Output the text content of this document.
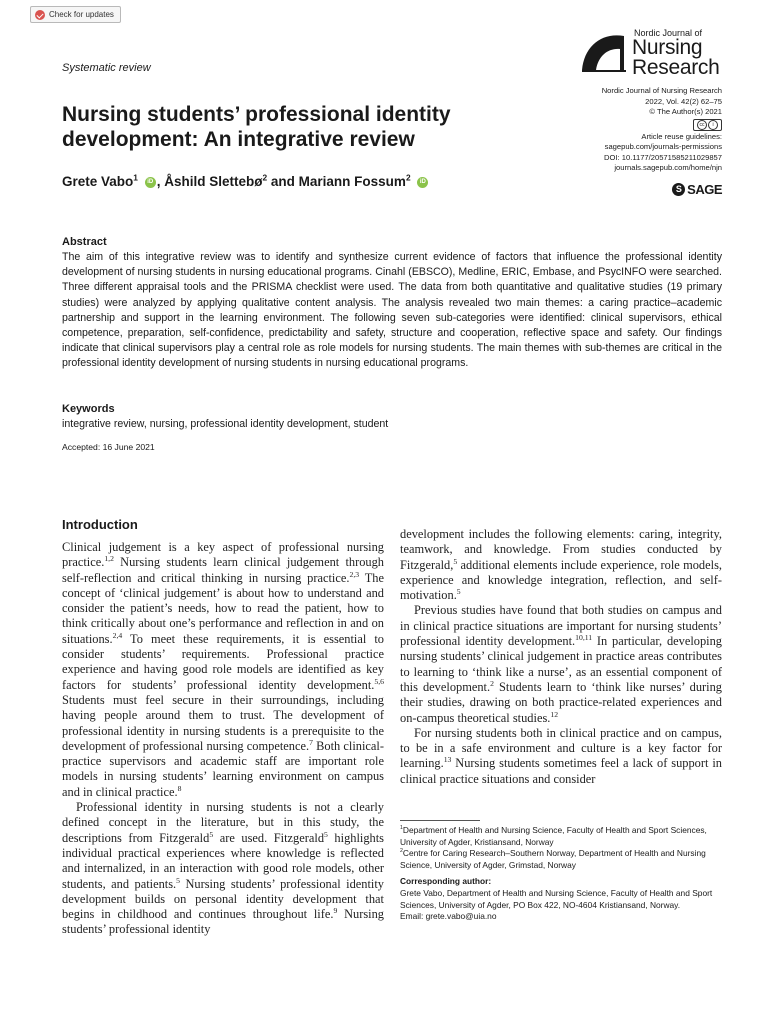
Check for updates
Systematic review
Nordic Journal of
Nursing
Research
Nordic Journal of Nursing Research
2022, Vol. 42(2) 62–75
© The Author(s) 2021
cc	i
Article reuse guidelines:
sagepub.com/journals-permissions
DOI: 10.1177/20571585211029857
journals.sagepub.com/home/njn
S SAGE
Nursing students’ professional identity development: An integrative review
Grete Vabo$^1$ iD , Åshild Slettebø$^2$ and Mariann Fossum$^2$ iD
Abstract

The aim of this integrative review was to identify and synthesize current evidence of factors that influence the professional identity development of nursing students in nursing educational programs. Cinahl (EBSCO), Medline, ERIC, Embase, and PsycINFO were searched. Three different appraisal tools and the PRISMA checklist were used. The data from both quantitative and qualitative studies (19 primary studies) were analyzed by applying qualitative content analysis. The analysis revealed two main themes: a caring practice–academic partnership and support in the learning environment. The following seven sub-categories were identified: clinical supervisors, ethical competence, preparation, self-confidence, predictability and safety, structure and cooperation, reflective space and safety. Our findings indicate that clinical supervisors play a central role as role models for nursing students. The main themes with sub-themes are critical in the professional identity development of nursing students in nursing educational programs.

Keywords
integrative review, nursing, professional identity development, student
Accepted: 16 June 2021
Introduction

Clinical judgement is a key aspect of professional nursing practice.$^{1,2}$ Nursing students learn clinical judgement through self-reflection and critical thinking in nursing practice.$^{2,3}$ The concept of ‘clinical judgement’ is about how to understand and consider the patient’s needs, how to read the patient, how to think critically about one’s performance and reflection in and on situations.$^{2,4}$ To meet these requirements, it is essential to consider students’ requirements. Professional practice experience and having good role models are identified as key factors for students’ professional identity development.$^{5,6}$ Students must feel secure in their surroundings, including having people around them to trust. The development of professional identity in nursing students is a prerequisite to the development of professional nursing competence.$^7$ Both clinical-practice supervisors and academic staff are important role models in nursing students’ learning environment on campus and in clinical practice.$^8$

Professional identity in nursing students is not a clearly defined concept in the literature, but in this study, the descriptions from Fitzgerald$^5$ are used. Fitzgerald$^5$ highlights individual practical experiences where knowledge is reflected and internalized, in an interaction with good role models, other students, and patients.$^5$ Nursing students’ professional identity development builds on personal identity development that begins in childhood and continues throughout life.$^9$ Nursing students’ professional identity

development includes the following elements: caring, integrity, teamwork, and knowledge. From studies conducted by Fitzgerald,$^5$ additional elements include experience, role models, experience and knowledge integration, reflection, and self-motivation.$^5$

Previous studies have found that both studies on campus and in clinical practice situations are important for nursing students’ professional identity development.$^{10,11}$ In particular, developing nursing students’ clinical judgement in practice areas contributes to learning to ‘think like a nurse’, as an essential component of this development.$^2$ Students learn to ‘think like nurses’ during their studies, drawing on both practice-related experiences and on-campus theoretical studies.$^{12}$

For nursing students both in clinical practice and on campus, to be in a safe environment and culture is a key factor for learning.$^{13}$ Nursing students sometimes feel a lack of support in clinical practice situations and consider

$^1$Department of Health and Nursing Science, Faculty of Health and Sport Sciences, University of Agder, Kristiansand, Norway

$^2$Centre for Caring Research–Southern Norway, Department of Health and Nursing Science, University of Agder, Grimstad, Norway

Corresponding author:

Grete Vabo, Department of Health and Nursing Science, Faculty of Health and Sport Sciences, University of Agder, PO Box 422, NO-4604 Kristiansand, Norway.

Email: grete.vabo@uia.no
